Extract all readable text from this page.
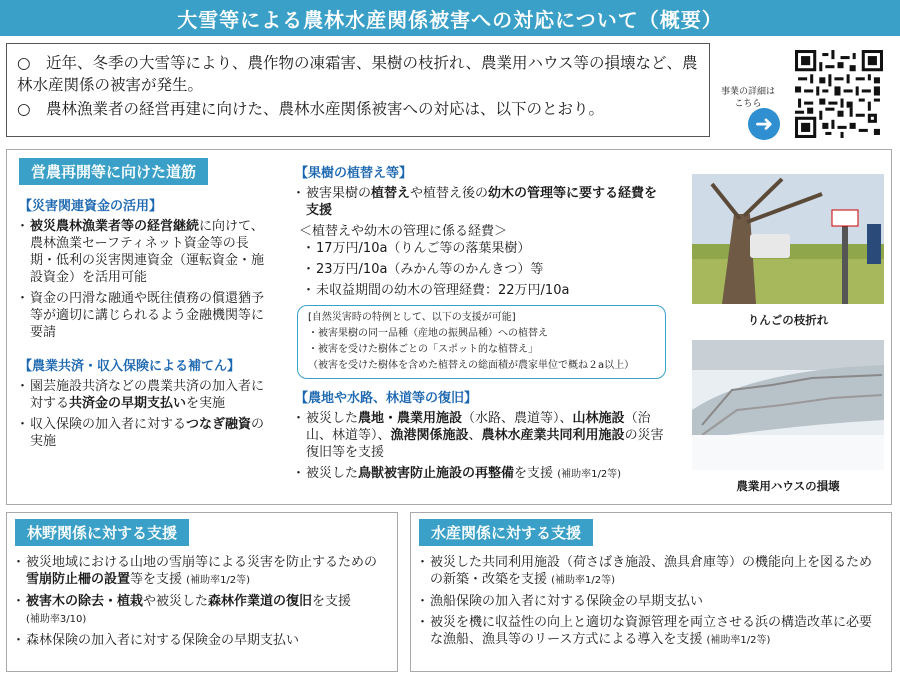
大雪等による農林水産関係被害への対応について（概要）

○　近年、冬季の大雪等により、農作物の凍霜害、果樹の枝折れ、農業用ハウス等の損壊など、農林水産関係の被害が発生。

○　農林漁業者の経営再建に向けた、農林水産関係被害への対応は、以下のとおり。

事業の詳細は
こちら
➜
営農再開等に向けた道筋
【災害関連資金の活用】
・ 被災農林漁業者等の経営継続に向けて、農林漁業セーフティネット資金等の長期・低利の災害関連資金（運転資金・施設資金）を活用可能
・ 資金の円滑な融通や既往債務の償還猶予等が適切に講じられるよう金融機関等に要請
【農業共済・収入保険による補てん】
・ 園芸施設共済などの農業共済の加入者に対する共済金の早期支払いを実施
・ 収入保険の加入者に対するつなぎ融資の実施
【果樹の植替え等】
・ 被害果樹の植替えや植替え後の幼木の管理等に要する経費を支援
＜植替えや幼木の管理に係る経費＞
・ 17万円/10a（りんご等の落葉果樹）
・ 23万円/10a（みかん等のかんきつ）等
・ 未収益期間の幼木の管理経費：22万円/10a
[自然災害時の特例として、以下の支援が可能]
・被害果樹の同一品種（産地の振興品種）への植替え
・被害を受けた樹体ごとの「スポット的な植替え」
（被害を受けた樹体を含めた植替えの総面積が農家単位で概ね２a以上）
【農地や水路、林道等の復旧】
・ 被災した農地・農業用施設（水路、農道等）、山林施設（治山、林道等）、漁港関係施設、農林水産業共同利用施設の災害復旧等を支援
・ 被災した鳥獣被害防止施設の再整備を支援 (補助率1/2等)
りんごの枝折れ
農業用ハウスの損壊
林野関係に対する支援
・ 被災地域における山地の雪崩等による災害を防止するための雪崩防止柵の設置等を支援 (補助率1/2等)
・ 被害木の除去・植栽や被災した森林作業道の復旧を支援
(補助率3/10)
・ 森林保険の加入者に対する保険金の早期支払い
水産関係に対する支援
・ 被災した共同利用施設（荷さばき施設、漁具倉庫等）の機能向上を図るための新築・改築を支援 (補助率1/2等)
・ 漁船保険の加入者に対する保険金の早期支払い
・ 被災を機に収益性の向上と適切な資源管理を両立させる浜の構造改革に必要な漁船、漁具等のリース方式による導入を支援 (補助率1/2等)
